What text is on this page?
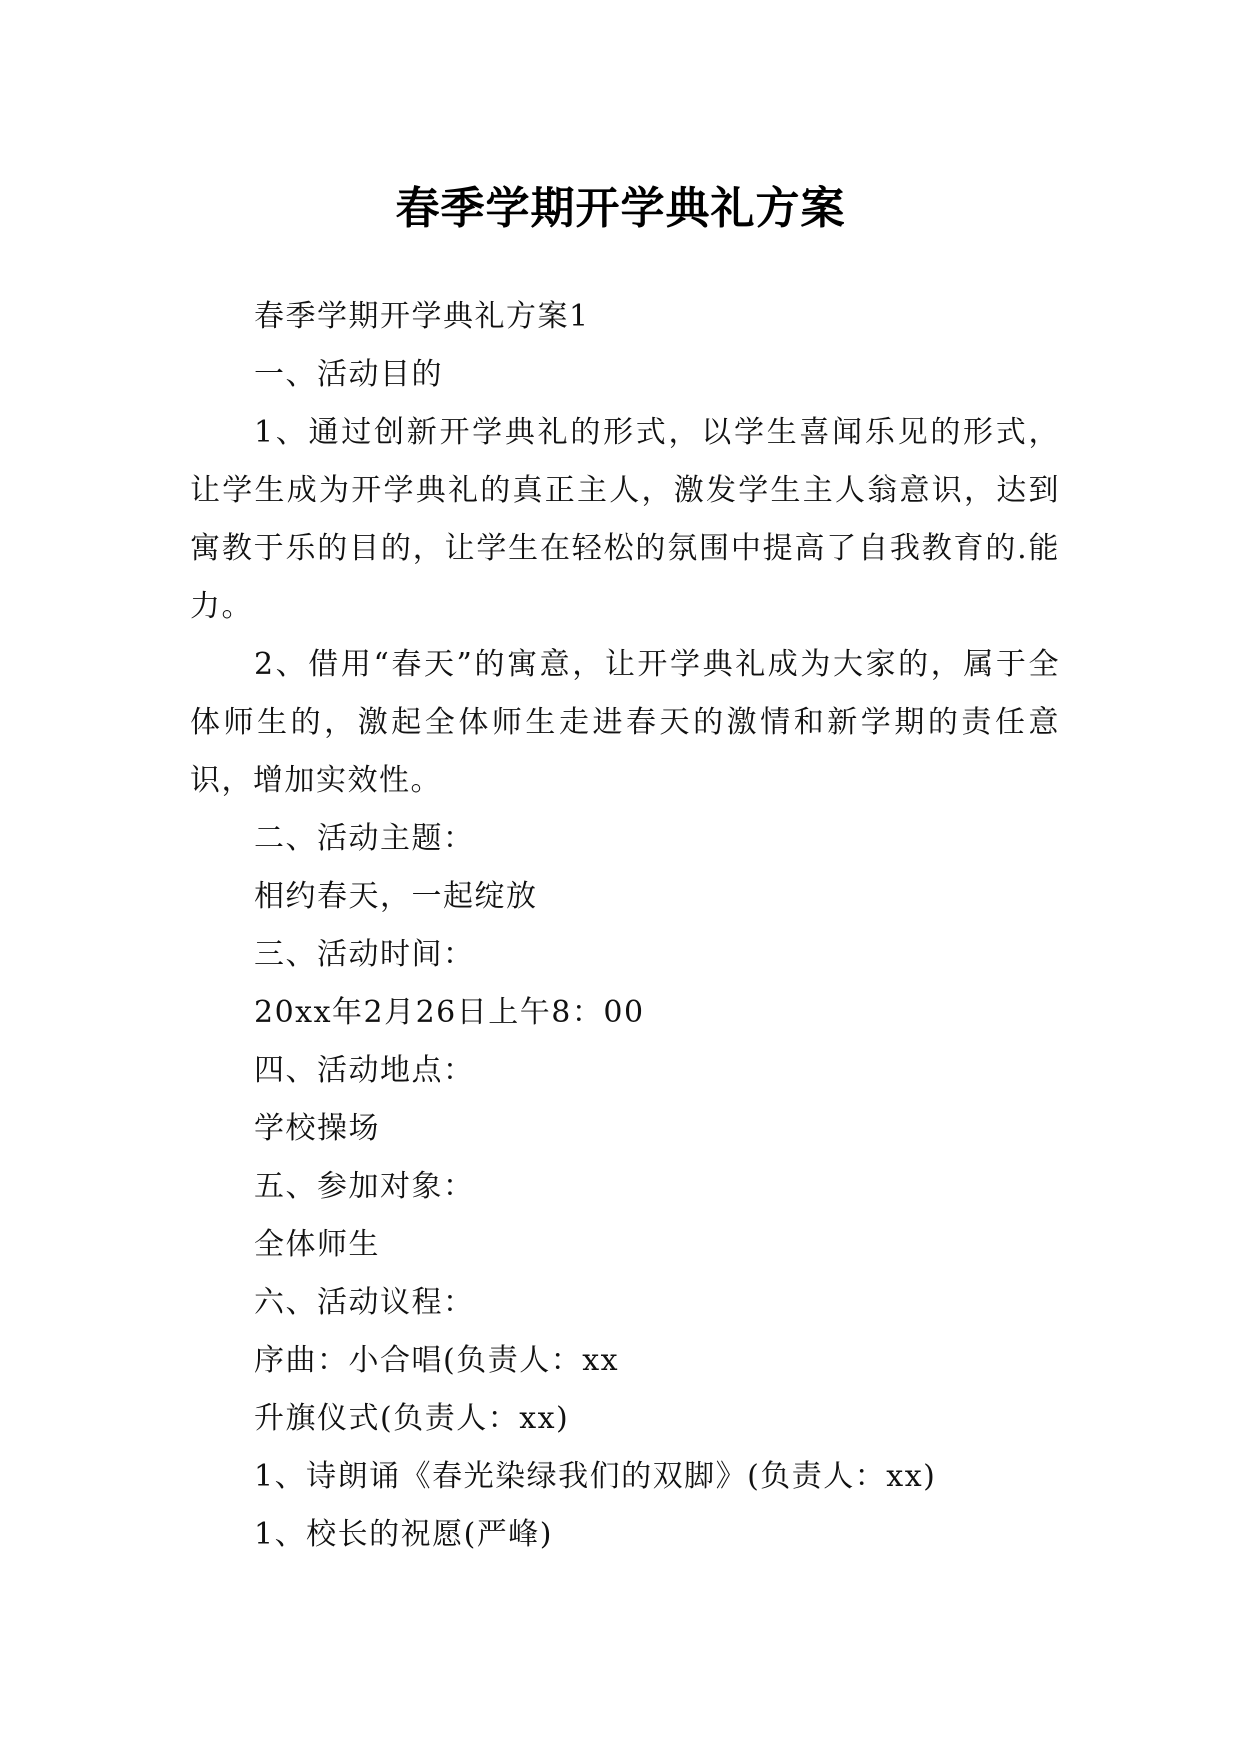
春季学期开学典礼方案

春季学期开学典礼方案1

一、活动目的

1、通过创新开学典礼的形式，以学生喜闻乐见的形式，让学生成为开学典礼的真正主人，激发学生主人翁意识，达到寓教于乐的目的，让学生在轻松的氛围中提高了自我教育的.能力。

2、借用“春天”的寓意，让开学典礼成为大家的，属于全体师生的，激起全体师生走进春天的激情和新学期的责任意识，增加实效性。

二、活动主题：

相约春天，一起绽放

三、活动时间：

20xx年2月26日上午8：00

四、活动地点：

学校操场

五、参加对象：

全体师生

六、活动议程：

序曲：小合唱(负责人：xx

升旗仪式(负责人：xx)

1、诗朗诵《春光染绿我们的双脚》(负责人：xx)

1、校长的祝愿(严峰)
